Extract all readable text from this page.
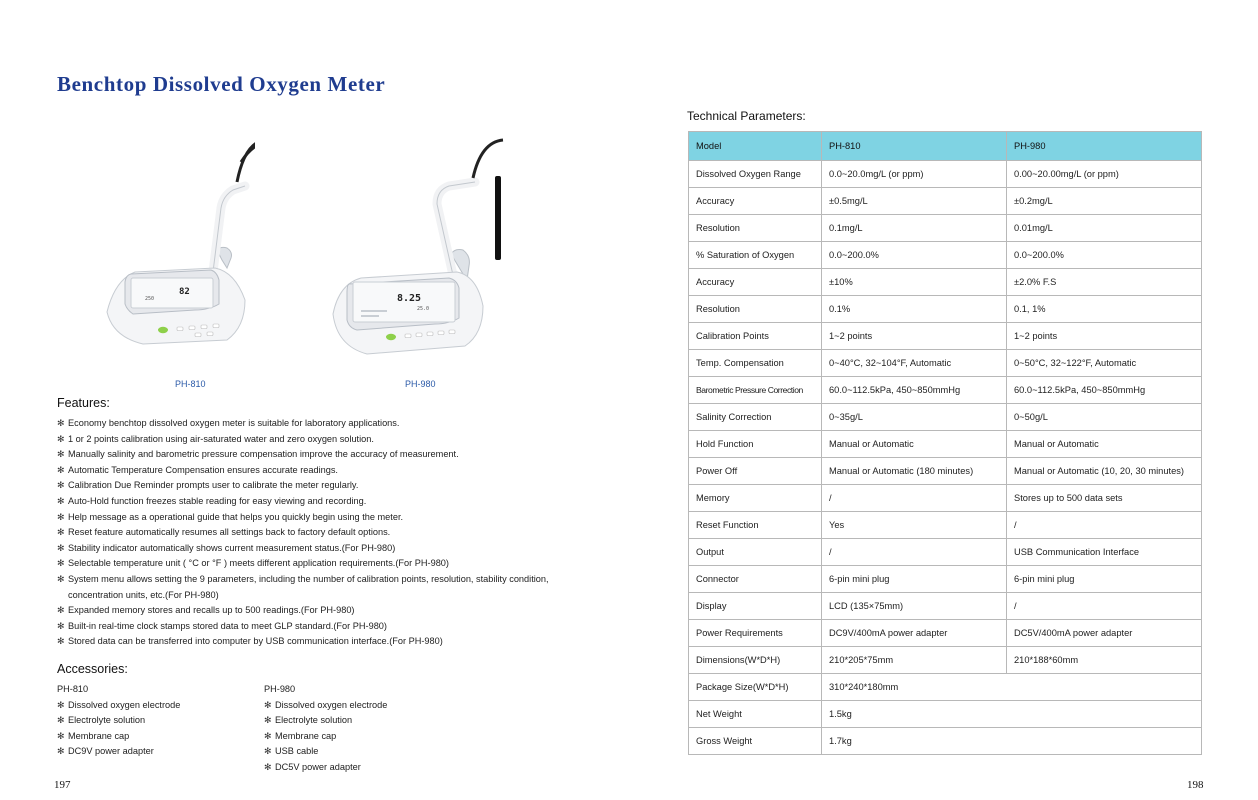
Benchtop Dissolved Oxygen Meter
82
250
PH-810
8.25
25.0
PH-980
Features:
✻ Economy benchtop dissolved oxygen meter is suitable for laboratory applications.
✻ 1 or 2 points calibration using air-saturated water and zero oxygen solution.
✻ Manually salinity and barometric pressure compensation improve the accuracy of measurement.
✻ Automatic Temperature Compensation ensures accurate readings.
✻ Calibration Due Reminder prompts user to calibrate the meter regularly.
✻ Auto-Hold function freezes stable reading for easy viewing and recording.
✻ Help message as a operational guide that helps you quickly begin using the meter.
✻ Reset feature automatically resumes all settings back to factory default options.
✻ Stability indicator automatically shows current measurement status.(For PH-980)
✻ Selectable temperature unit ( °C or °F ) meets different application requirements.(For PH-980)
✻ System menu allows setting the 9 parameters, including the number of calibration points, resolution, stability condition, concentration units, etc.(For PH-980)
✻ Expanded memory stores and recalls up to 500 readings.(For PH-980)
✻ Built-in real-time clock stamps stored data to meet GLP standard.(For PH-980)
✻ Stored data can be transferred into computer by USB communication interface.(For PH-980)
Accessories:
PH-810
✻ Dissolved oxygen electrode
✻ Electrolyte solution
✻ Membrane cap
✻ DC9V power adapter
PH-980
✻ Dissolved oxygen electrode
✻ Electrolyte solution
✻ Membrane cap
✻ USB cable
✻ DC5V power adapter
197	198
Technical Parameters:
Model	PH-810	PH-980
Dissolved Oxygen Range	0.0~20.0mg/L (or ppm)	0.00~20.00mg/L (or ppm)
Accuracy	±0.5mg/L	±0.2mg/L
Resolution	0.1mg/L	0.01mg/L
% Saturation of Oxygen	0.0~200.0%	0.0~200.0%
Accuracy	±10%	±2.0% F.S
Resolution	0.1%	0.1, 1%
Calibration Points	1~2 points	1~2 points
Temp. Compensation	0~40°C, 32~104°F, Automatic	0~50°C, 32~122°F, Automatic
Barometric Pressure Correction	60.0~112.5kPa, 450~850mmHg	60.0~112.5kPa, 450~850mmHg
Salinity Correction	0~35g/L	0~50g/L
Hold Function	Manual or Automatic	Manual or Automatic
Power Off	Manual or Automatic (180 minutes)	Manual or Automatic (10, 20, 30 minutes)
Memory	/	Stores up to 500 data sets
Reset Function	Yes	/
Output	/	USB Communication Interface
Connector	6-pin mini plug	6-pin mini plug
Display	LCD (135×75mm)	/
Power Requirements	DC9V/400mA power adapter	DC5V/400mA power adapter
Dimensions(W*D*H)	210*205*75mm	210*188*60mm
Package Size(W*D*H)	310*240*180mm	
Net Weight	1.5kg	
Gross Weight	1.7kg	
